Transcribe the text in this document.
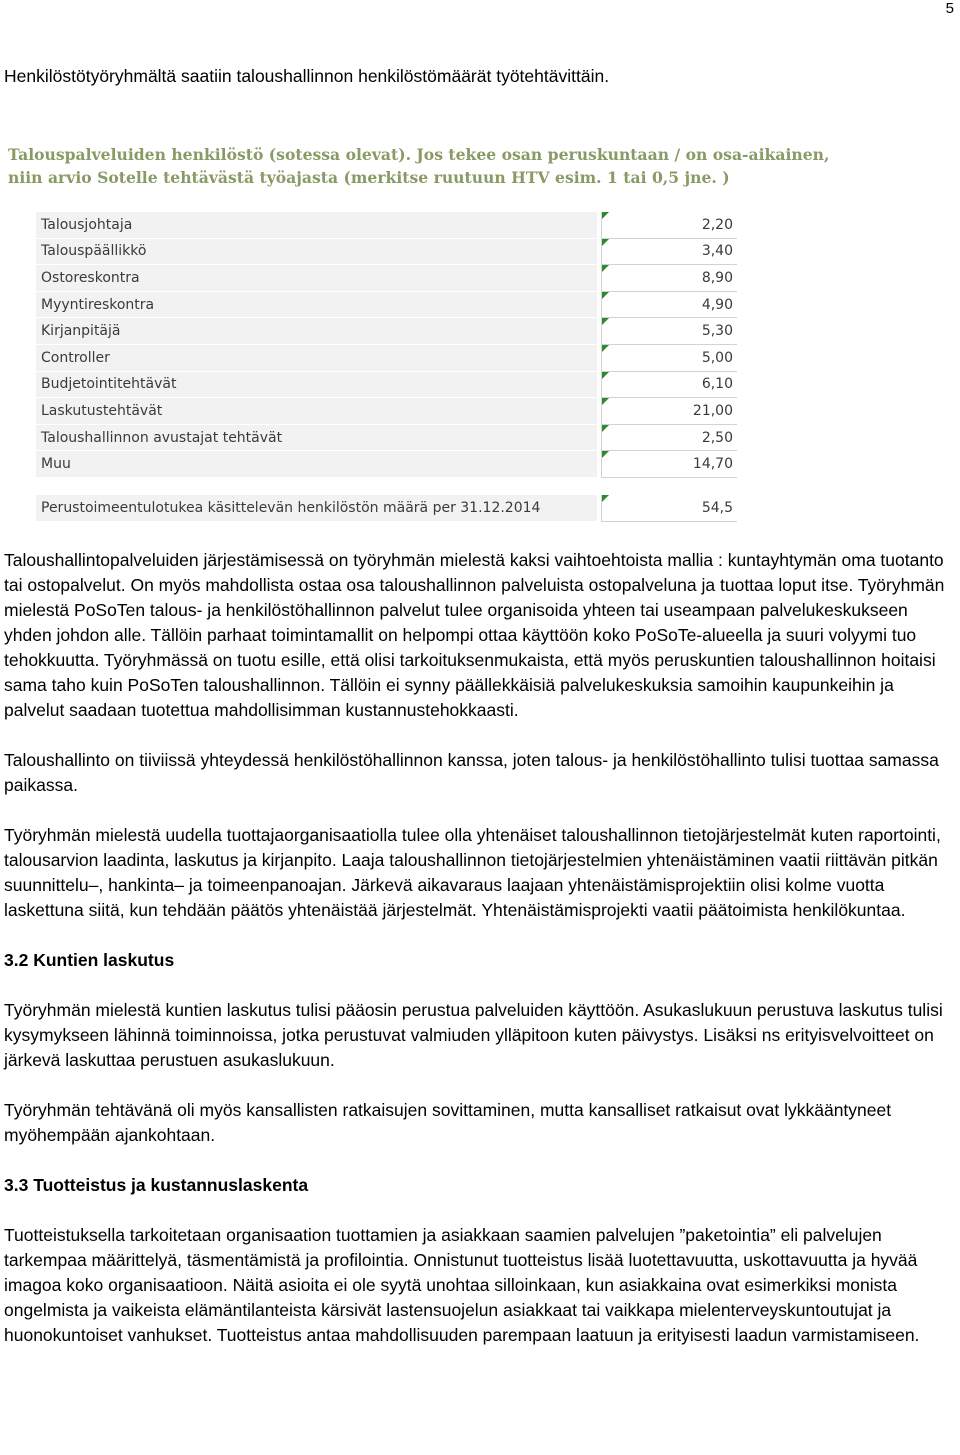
5

Henkilöstötyöryhmältä saatiin taloushallinnon henkilöstömäärät työtehtävittäin.

Talouspalveluiden henkilöstö (sotessa olevat). Jos tekee osan peruskuntaan / on osa-aikainen,
niin arvio Sotelle tehtävästä työajasta (merkitse ruutuun HTV esim. 1 tai 0,5 jne. )
Talousjohtaja		2,20
Talouspäällikkö		3,40
Ostoreskontra		8,90
Myyntireskontra		4,90
Kirjanpitäjä		5,30
Controller		5,00
Budjetointitehtävät		6,10
Laskutustehtävät		21,00
Taloushallinnon avustajat tehtävät		2,50
Muu		14,70
Perustoimeentulotukea käsittelevän henkilöstön määrä per 31.12.2014		54,5

Taloushallintopalveluiden järjestämisessä on työryhmän mielestä kaksi vaihtoehtoista mallia : kuntayhtymän oma tuotanto tai ostopalvelut. On myös mahdollista ostaa osa taloushallinnon palveluista ostopalveluna ja tuottaa loput itse. Työryhmän mielestä PoSoTen talous- ja henkilöstöhallinnon palvelut tulee organisoida yhteen tai useampaan palvelukeskukseen yhden johdon alle. Tällöin parhaat toimintamallit on helpompi ottaa käyttöön koko PoSoTe-alueella ja suuri volyymi tuo tehokkuutta. Työryhmässä on tuotu esille, että olisi tarkoituksenmukaista, että myös peruskuntien taloushallinnon hoitaisi sama taho kuin PoSoTen taloushallinnon. Tällöin ei synny päällekkäisiä palvelukeskuksia samoihin kaupunkeihin ja palvelut saadaan tuotettua mahdollisimman kustannustehokkaasti.

Taloushallinto on tiiviissä yhteydessä henkilöstöhallinnon kanssa, joten talous- ja henkilöstöhallinto tulisi tuottaa samassa paikassa.

Työryhmän mielestä uudella tuottajaorganisaatiolla tulee olla yhtenäiset taloushallinnon tietojärjestelmät kuten raportointi, talousarvion laadinta, laskutus ja kirjanpito. Laaja taloushallinnon tietojärjestelmien yhtenäistäminen vaatii riittävän pitkän suunnittelu–, hankinta– ja toimeenpanoajan. Järkevä aikavaraus laajaan yhtenäistämisprojektiin olisi kolme vuotta laskettuna siitä, kun tehdään päätös yhtenäistää järjestelmät. Yhtenäistämisprojekti vaatii päätoimista henkilökuntaa.

3.2 Kuntien laskutus

Työryhmän mielestä kuntien laskutus tulisi pääosin perustua palveluiden käyttöön. Asukaslukuun perustuva laskutus tulisi kysymykseen lähinnä toiminnoissa, jotka perustuvat valmiuden ylläpitoon kuten päivystys. Lisäksi ns erityisvelvoitteet on järkevä laskuttaa perustuen asukaslukuun.

Työryhmän tehtävänä oli myös kansallisten ratkaisujen sovittaminen, mutta kansalliset ratkaisut ovat lykkääntyneet myöhempään ajankohtaan.

3.3 Tuotteistus ja kustannuslaskenta

Tuotteistuksella tarkoitetaan organisaation tuottamien ja asiakkaan saamien palvelujen ”paketointia” eli palvelujen tarkempaa määrittelyä, täsmentämistä ja profilointia. Onnistunut tuotteistus lisää luotettavuutta, uskottavuutta ja hyvää imagoa koko organisaatioon. Näitä asioita ei ole syytä unohtaa silloinkaan, kun asiakkaina ovat esimerkiksi monista ongelmista ja vaikeista elämäntilanteista kärsivät lastensuojelun asiakkaat tai vaikkapa mielenterveyskuntoutujat ja huonokuntoiset vanhukset. Tuotteistus antaa mahdollisuuden parempaan laatuun ja erityisesti laadun varmistamiseen.
